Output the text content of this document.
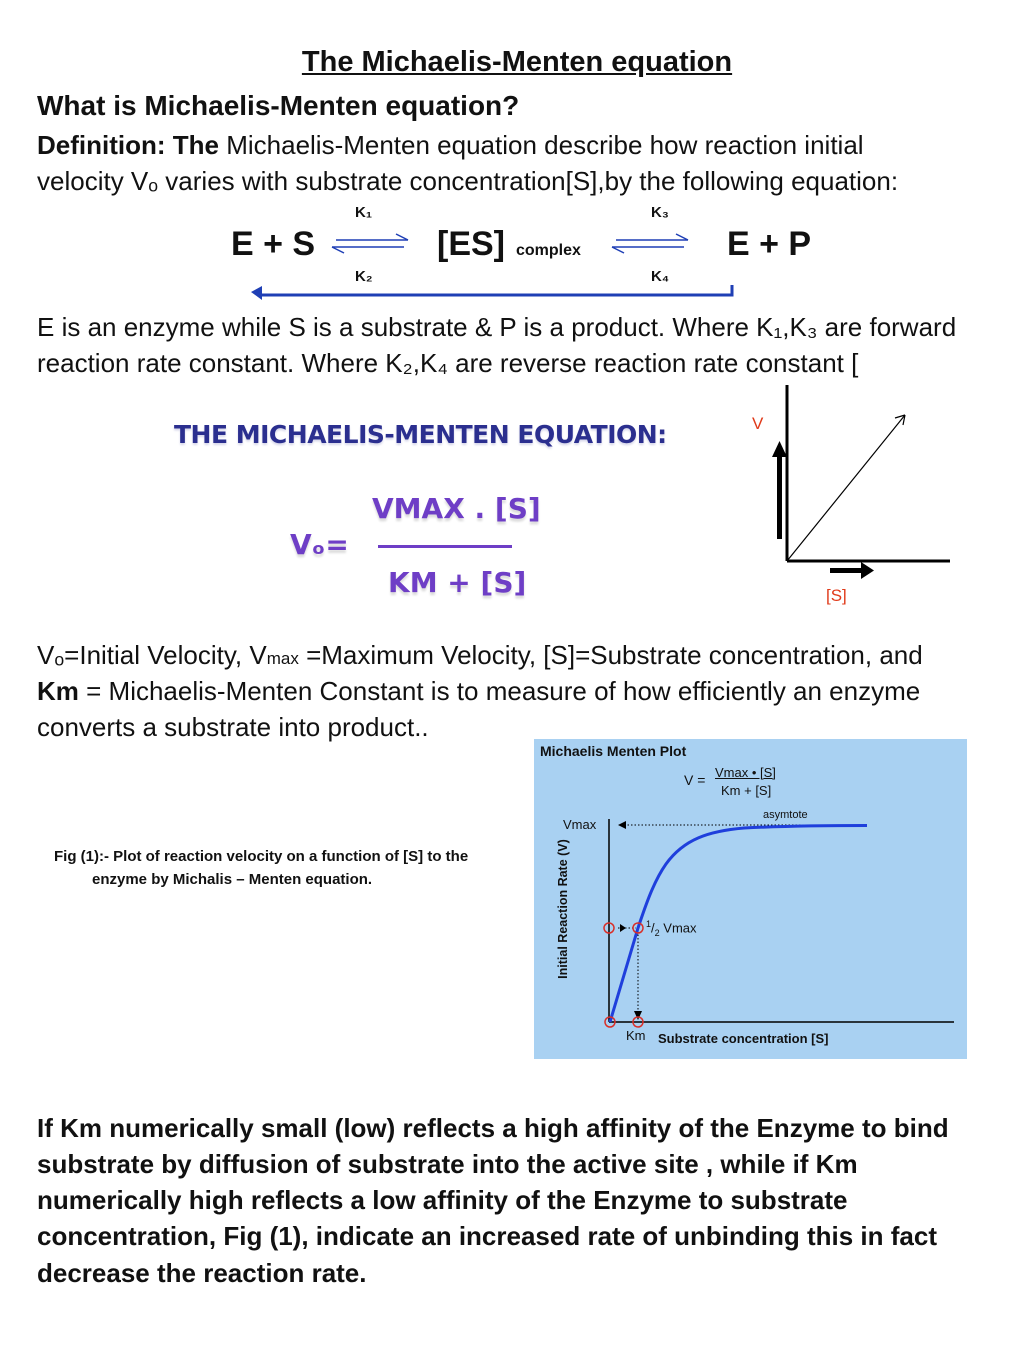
The Michaelis-Menten equation
What is Michaelis-Menten equation?
Definition: The Michaelis-Menten equation describe how reaction initial
velocity Vₒ varies with substrate concentration[S],by the following equation:
E + S	[ES] complex	E + P
K₁
K₂
K₃
K₄
E is an enzyme while S is a substrate & P is a product. Where K₁,K₃ are forward
reaction rate constant. Where K₂,K₄ are reverse reaction rate constant [
THE MICHAELIS-MENTEN EQUATION:
Vₒ=
VMAX . [S]
KM + [S]
V
[S]
Vₒ=Initial Velocity, Vmax =Maximum Velocity, [S]=Substrate concentration, and
Km = Michaelis-Menten Constant is to measure of how efficiently an enzyme
converts a substrate into product..
Fig (1):- Plot of reaction velocity on a function of [S] to the
enzyme by Michalis – Menten equation.
Michaelis Menten Plot
V = Vmax • [S]
Km + [S]
asymtote
Vmax
$^1/_2$ Vmax
Km Substrate concentration [S]
Initial Reaction Rate (V)
If Km numerically small (low) reflects a high affinity of the Enzyme to bind
substrate by diffusion of substrate into the active site , while if Km
numerically high reflects a low affinity of the Enzyme to substrate
concentration, Fig (1), indicate an increased rate of unbinding this in fact
decrease the reaction rate.
